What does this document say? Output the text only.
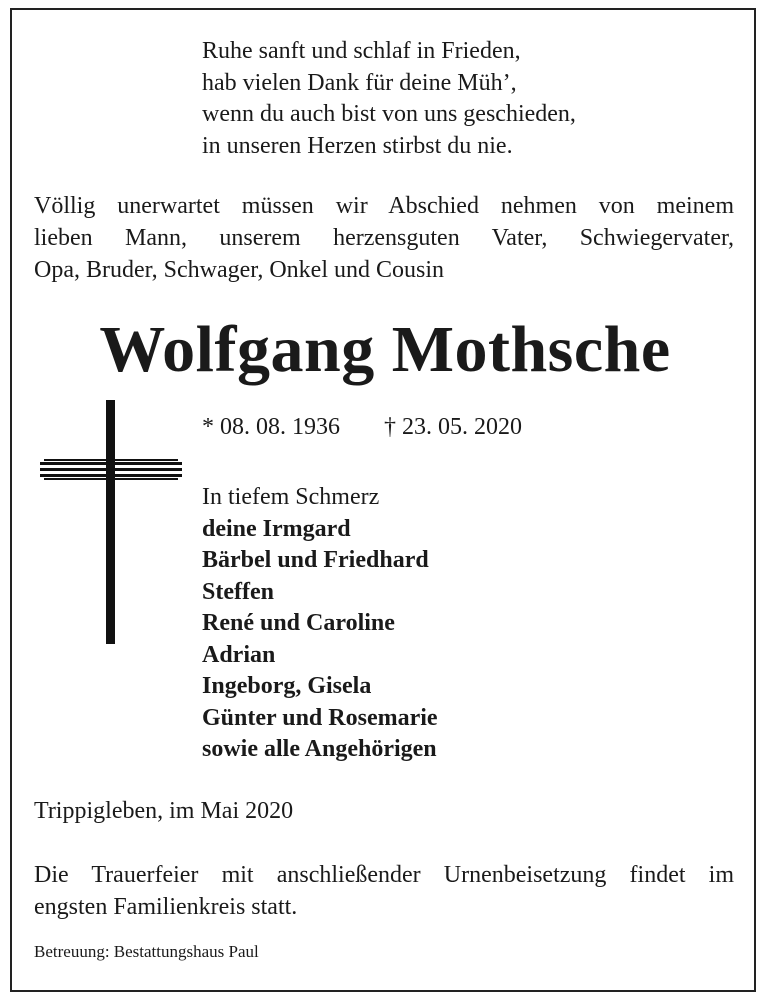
Ruhe sanft und schlaf in Frieden,
hab vielen Dank für deine Müh’,
wenn du auch bist von uns geschieden,
in unseren Herzen stirbst du nie.
Völlig unerwartet müssen wir Abschied nehmen von meinem
lieben Mann, unserem herzensguten Vater, Schwiegervater,
Opa, Bruder, Schwager, Onkel und Cousin
Wolfgang Mothsche
* 08. 08. 1936 † 23. 05. 2020
In tiefem Schmerz
deine Irmgard
Bärbel und Friedhard
Steffen
René und Caroline
Adrian
Ingeborg, Gisela
Günter und Rosemarie
sowie alle Angehörigen
Trippigleben, im Mai 2020
Die Trauerfeier mit anschließender Urnenbeisetzung findet im
engsten Familienkreis statt.
Betreuung: Bestattungshaus Paul
